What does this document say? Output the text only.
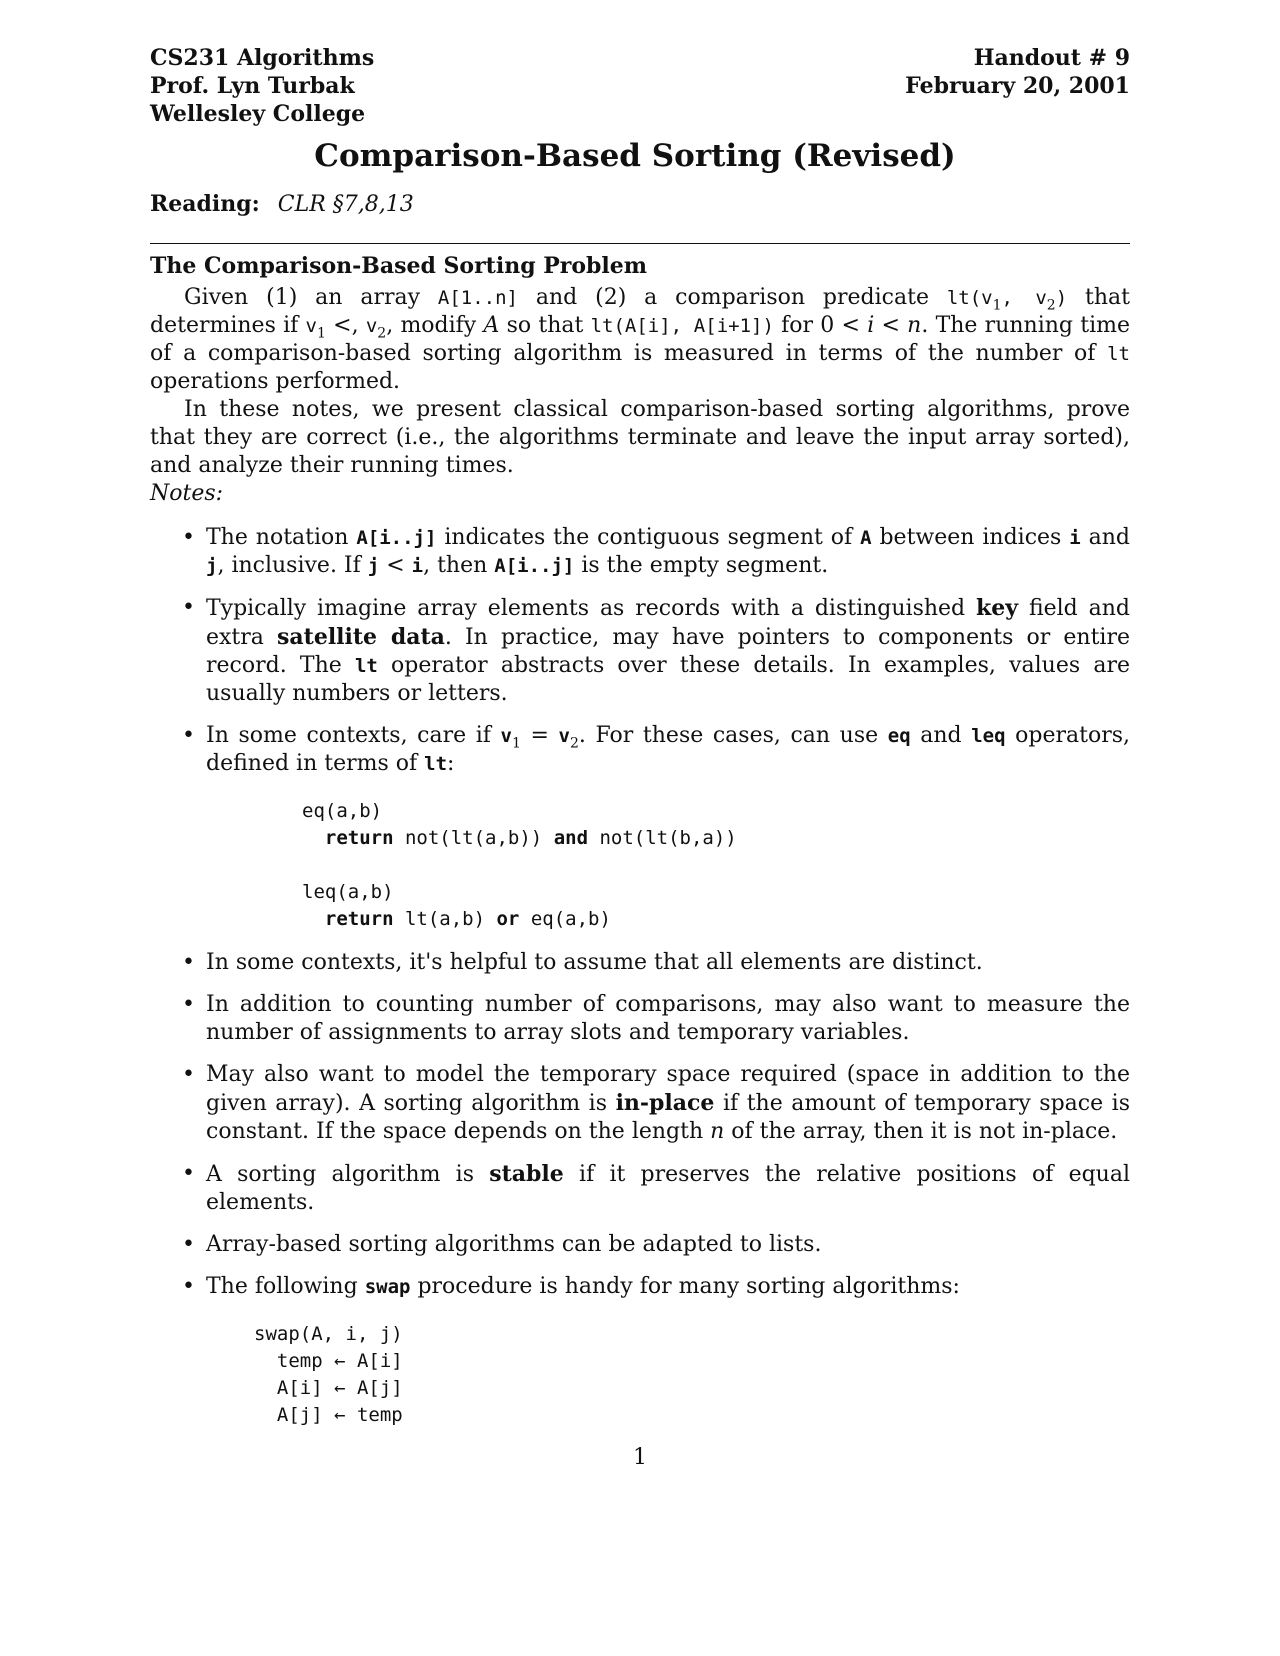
CS231 Algorithms
Prof. Lyn Turbak
Wellesley College
Handout # 9
February 20, 2001
Comparison-Based Sorting (Revised)
Reading: CLR §7,8,13
The Comparison-Based Sorting Problem

Given (1) an array A[1..n] and (2) a comparison predicate $lt(v_1$, $v_2$) that determines if $v_1$ <, $v_2$, modify A so that lt(A[i], A[i+1]) for 0 < i < n. The running time of a comparison-based sorting algorithm is measured in terms of the number of lt operations performed.

In these notes, we present classical comparison-based sorting algorithms, prove that they are correct (i.e., the algorithms terminate and leave the input array sorted), and analyze their running times.

Notes:
• The notation A[i..j] indicates the contiguous segment of A between indices i and j, inclusive. If j < i, then A[i..j] is the empty segment.
• Typically imagine array elements as records with a distinguished key field and extra satellite data. In practice, may have pointers to components or entire record. The lt operator abstracts over these details. In examples, values are usually numbers or letters.
• In some contexts, care if $v_1 = v_2$. For these cases, can use eq and leq operators, defined in terms of lt:
eq(a,b)
return not(lt(a,b)) and not(lt(b,a))

leq(a,b)
return lt(a,b) or eq(a,b)
• In some contexts, it's helpful to assume that all elements are distinct.
• In addition to counting number of comparisons, may also want to measure the number of assignments to array slots and temporary variables.
• May also want to model the temporary space required (space in addition to the given array). A sorting algorithm is in-place if the amount of temporary space is constant. If the space depends on the length n of the array, then it is not in-place.
• A sorting algorithm is stable if it preserves the relative positions of equal elements.
• Array-based sorting algorithms can be adapted to lists.
• The following swap procedure is handy for many sorting algorithms:
swap(A, i, j)
temp ← A[i]
A[i] ← A[j]
A[j] ← temp
1
